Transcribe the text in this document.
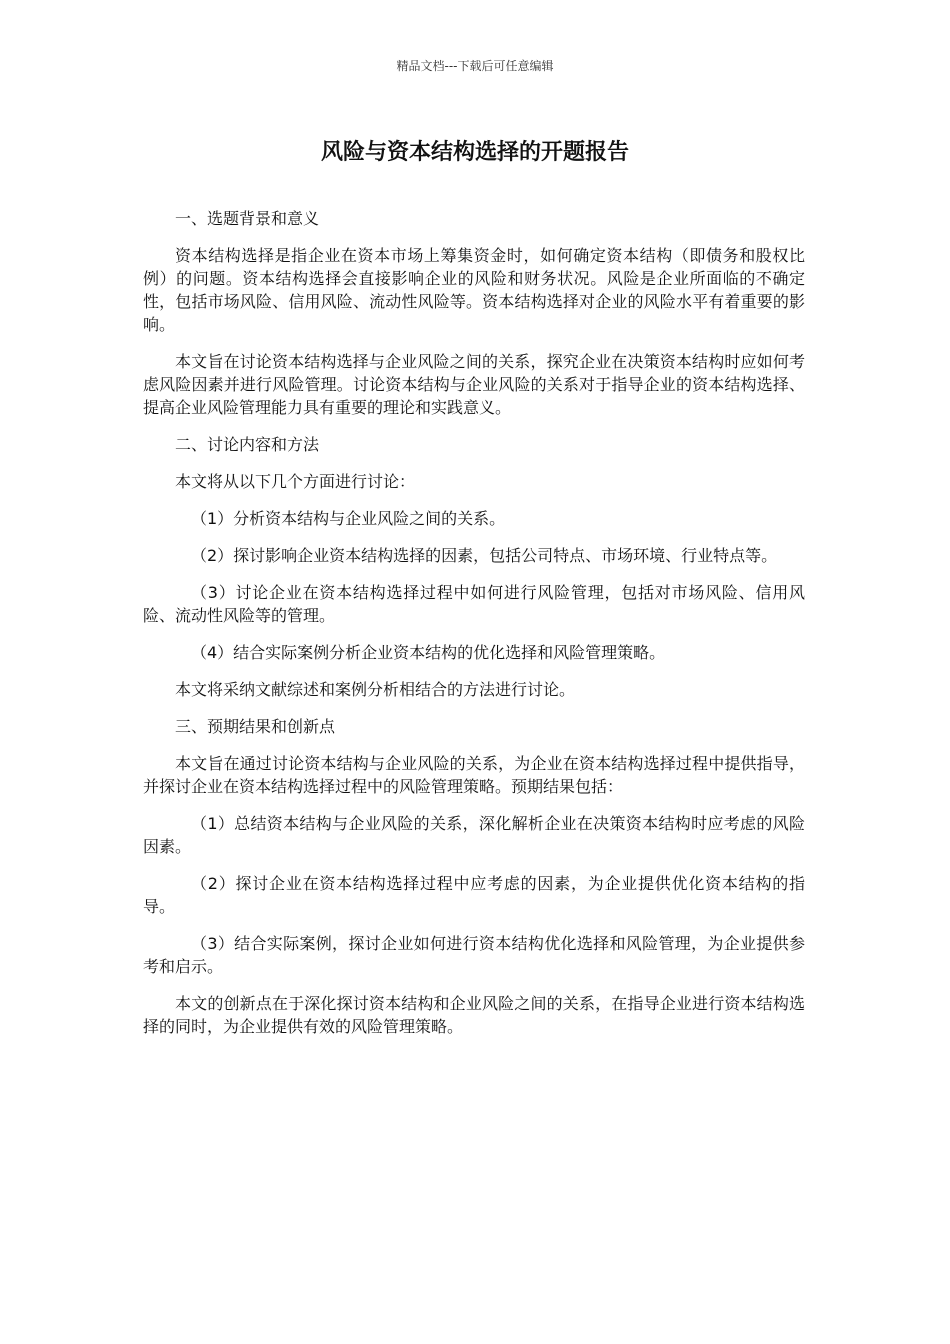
精品文档---下载后可任意编辑
风险与资本结构选择的开题报告

一、选题背景和意义

资本结构选择是指企业在资本市场上筹集资金时，如何确定资本结构（即债务和股权比例）的问题。资本结构选择会直接影响企业的风险和财务状况。风险是企业所面临的不确定性，包括市场风险、信用风险、流动性风险等。资本结构选择对企业的风险水平有着重要的影响。

本文旨在讨论资本结构选择与企业风险之间的关系，探究企业在决策资本结构时应如何考虑风险因素并进行风险管理。讨论资本结构与企业风险的关系对于指导企业的资本结构选择、提高企业风险管理能力具有重要的理论和实践意义。

二、讨论内容和方法

本文将从以下几个方面进行讨论：

（1）分析资本结构与企业风险之间的关系。

（2）探讨影响企业资本结构选择的因素，包括公司特点、市场环境、行业特点等。

（3）讨论企业在资本结构选择过程中如何进行风险管理，包括对市场风险、信用风险、流动性风险等的管理。

（4）结合实际案例分析企业资本结构的优化选择和风险管理策略。

本文将采纳文献综述和案例分析相结合的方法进行讨论。

三、预期结果和创新点

本文旨在通过讨论资本结构与企业风险的关系，为企业在资本结构选择过程中提供指导，并探讨企业在资本结构选择过程中的风险管理策略。预期结果包括：

（1）总结资本结构与企业风险的关系，深化解析企业在决策资本结构时应考虑的风险因素。

（2）探讨企业在资本结构选择过程中应考虑的因素，为企业提供优化资本结构的指导。

（3）结合实际案例，探讨企业如何进行资本结构优化选择和风险管理，为企业提供参考和启示。

本文的创新点在于深化探讨资本结构和企业风险之间的关系，在指导企业进行资本结构选择的同时，为企业提供有效的风险管理策略。
